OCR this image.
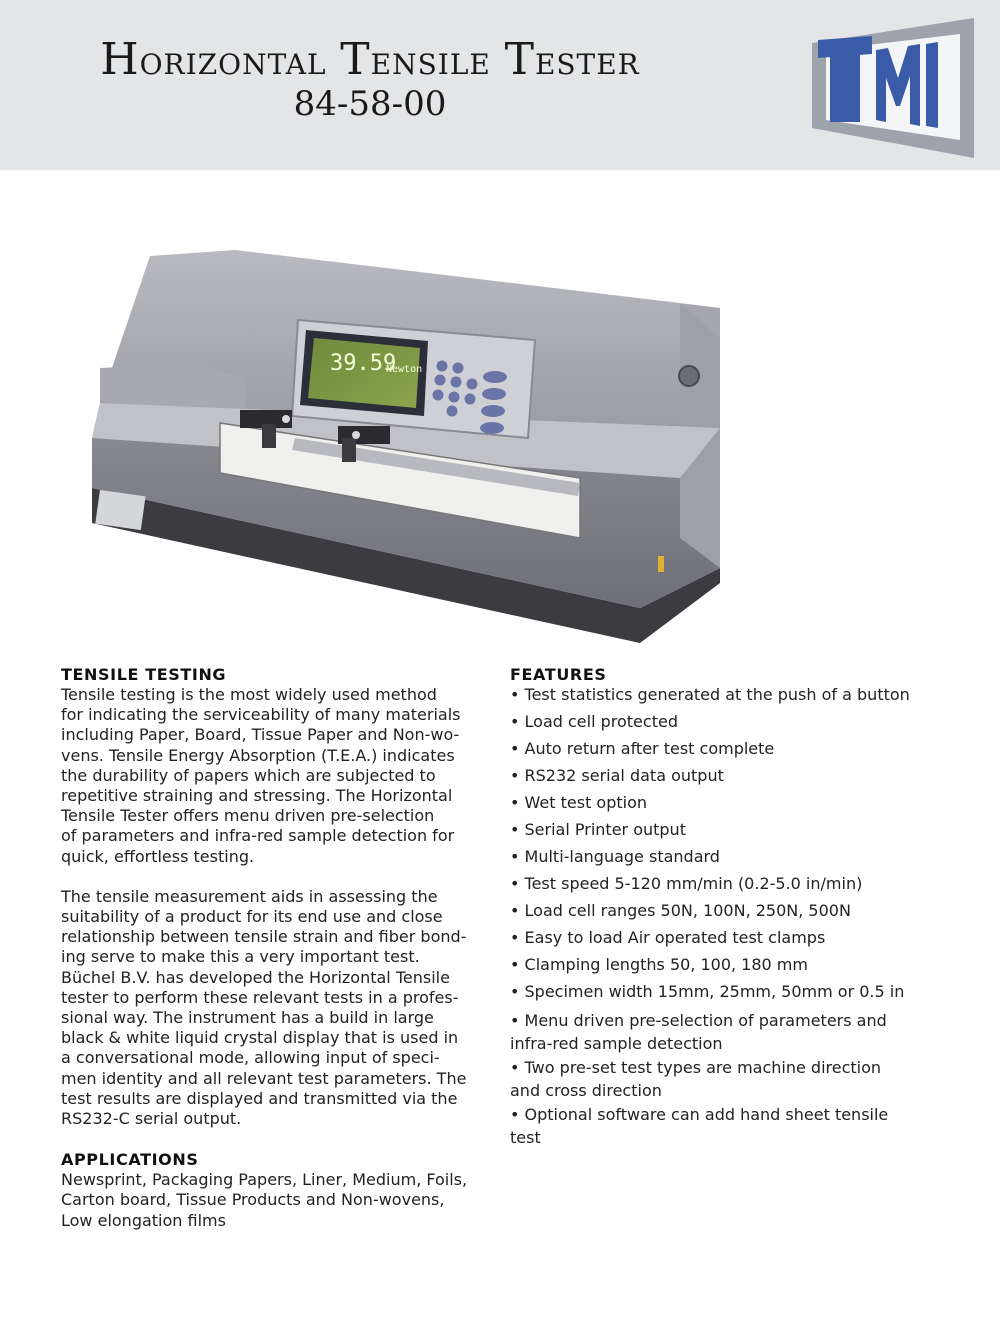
Horizontal Tensile Tester
84-58-00
39.59
Newton
TENSILE TESTING

Tensile testing is the most widely used method
for indicating the serviceability of many materials
including Paper, Board, Tissue Paper and Non-wo-
vens. Tensile Energy Absorption (T.E.A.) indicates
the durability of papers which are subjected to
repetitive straining and stressing. The Horizontal
Tensile Tester offers menu driven pre-selection
of parameters and infra-red sample detection for
quick, effortless testing.

The tensile measurement aids in assessing the
suitability of a product for its end use and close
relationship between tensile strain and fiber bond-
ing serve to make this a very important test.
Büchel B.V. has developed the Horizontal Tensile
tester to perform these relevant tests in a profes-
sional way. The instrument has a build in large
black & white liquid crystal display that is used in
a conversational mode, allowing input of speci-
men identity and all relevant test parameters. The
test results are displayed and transmitted via the
RS232-C serial output.

APPLICATIONS

Newsprint, Packaging Papers, Liner, Medium, Foils,
Carton board, Tissue Products and Non-wovens,
Low elongation films

FEATURES
• Test statistics generated at the push of a button
• Load cell protected
• Auto return after test complete
• RS232 serial data output
• Wet test option
• Serial Printer output
• Multi-language standard
• Test speed 5-120 mm/min (0.2-5.0 in/min)
• Load cell ranges 50N, 100N, 250N, 500N
• Easy to load Air operated test clamps
• Clamping lengths 50, 100, 180 mm
• Specimen width 15mm, 25mm, 50mm or 0.5 in
• Menu driven pre-selection of parameters and
infra-red sample detection
• Two pre-set test types are machine direction
and cross direction
• Optional software can add hand sheet tensile
test
